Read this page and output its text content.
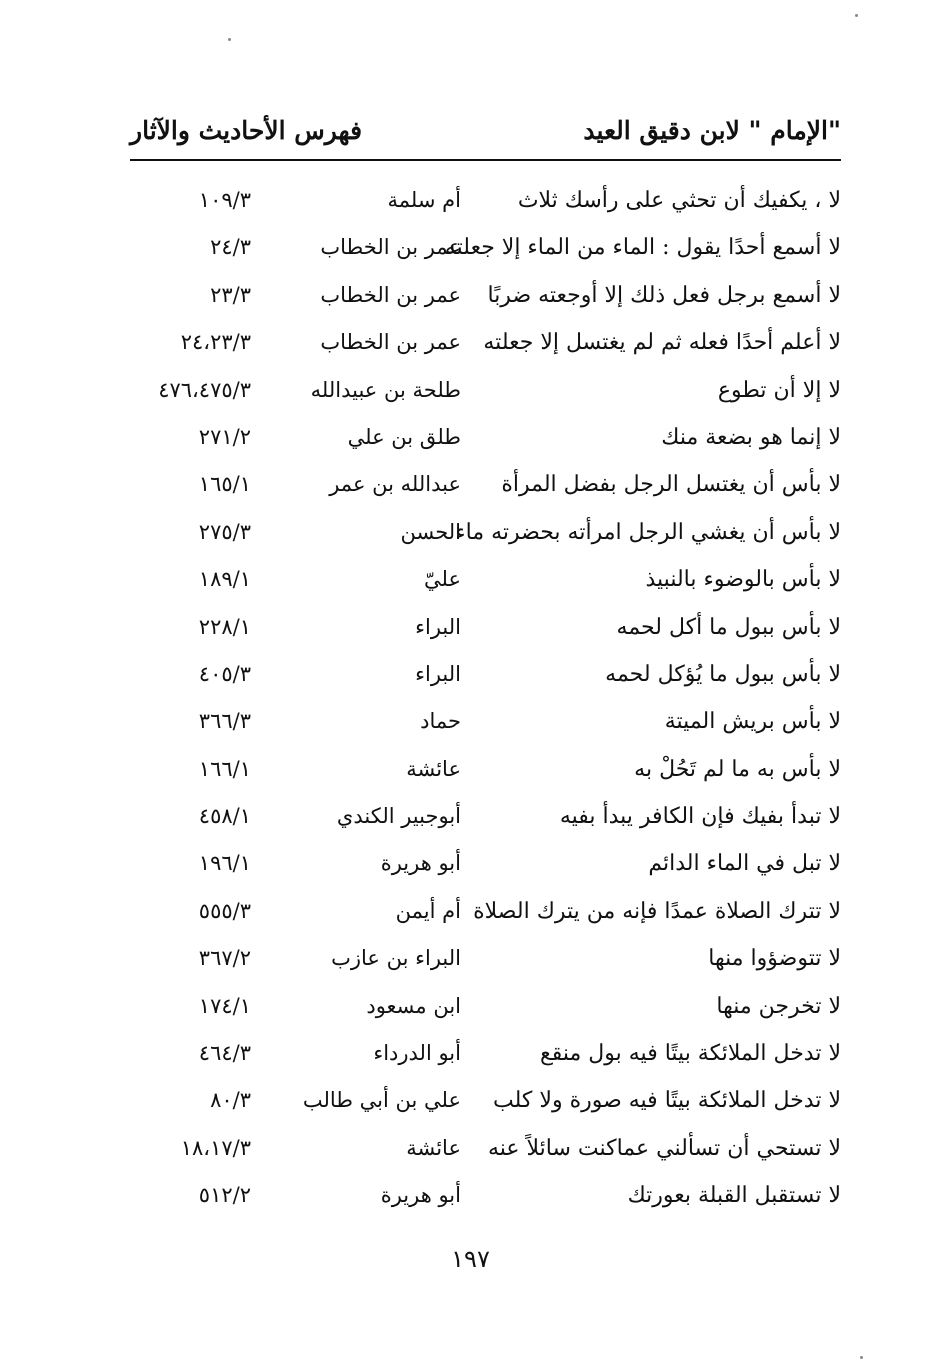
"الإمام " لابن دقيق العيد
فهرس الأحاديث والآثار
لا ، يكفيك أن تحثي على رأسك ثلاث
أم سلمة
١٠٩/٣
لا أسمع أحدًا يقول : الماء من الماء إلا جعلته
عمر بن الخطاب
٢٤/٣
لا أسمع برجل فعل ذلك إلا أوجعته ضربًا
عمر بن الخطاب
٢٣/٣
لا أعلم أحدًا فعله ثم لم يغتسل إلا جعلته
عمر بن الخطاب
٢٤،٢٣/٣
لا إلا أن تطوع
طلحة بن عبيدالله
٤٧٦،٤٧٥/٣
لا إنما هو بضعة منك
طلق بن علي
٢٧١/٢
لا بأس أن يغتسل الرجل بفضل المرأة
عبدالله بن عمر
١٦٥/١
لا بأس أن يغشي الرجل امرأته بحضرته ماء
الحسن
٢٧٥/٣
لا بأس بالوضوء بالنبيذ
عليّ
١٨٩/١
لا بأس ببول ما أكل لحمه
البراء
٢٢٨/١
لا بأس ببول ما يُؤكل لحمه
البراء
٤٠٥/٣
لا بأس بريش الميتة
حماد
٣٦٦/٣
لا بأس به ما لم تَحُلْ به
عائشة
١٦٦/١
لا تبدأ بفيك فإن الكافر يبدأ بفيه
أبوجبير الكندي
٤٥٨/١
لا تبل في الماء الدائم
أبو هريرة
١٩٦/١
لا تترك الصلاة عمدًا فإنه من يترك الصلاة
أم أيمن
٥٥٥/٣
لا تتوضؤوا منها
البراء بن عازب
٣٦٧/٢
لا تخرجن منها
ابن مسعود
١٧٤/١
لا تدخل الملائكة بيتًا فيه بول منقع
أبو الدرداء
٤٦٤/٣
لا تدخل الملائكة بيتًا فيه صورة ولا كلب
علي بن أبي طالب
٨٠/٣
لا تستحي أن تسألني عماكنت سائلاً عنه
عائشة
١٨،١٧/٣
لا تستقبل القبلة بعورتك
أبو هريرة
٥١٢/٢
١٩٧
